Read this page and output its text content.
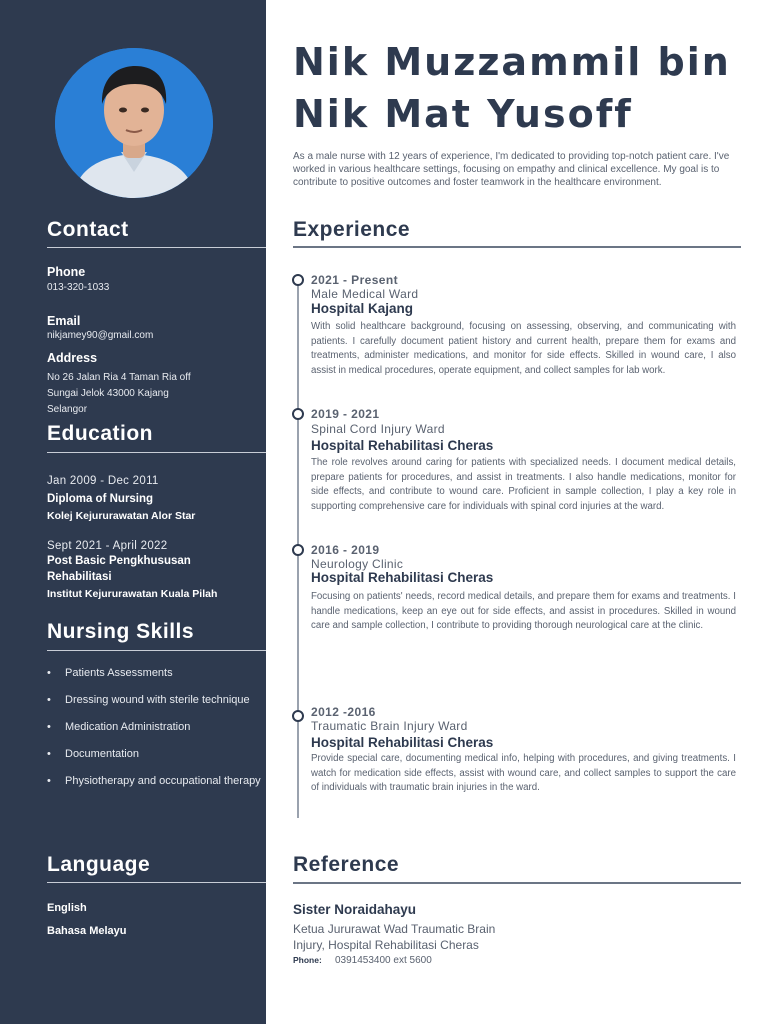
Contact
Phone
013-320-1033
Email
nikjamey90@gmail.com
Address
No 26 Jalan Ria 4 Taman Ria off
Sungai Jelok 43000 Kajang
Selangor
Education
Jan 2009 - Dec 2011
Diploma of Nursing
Kolej Kejururawatan Alor Star
Sept 2021 - April 2022
Post Basic Pengkhususan Rehabilitasi
Institut Kejururawatan Kuala Pilah
Nursing Skills
• Patients Assessments
• Dressing wound with sterile technique
• Medication Administration
• Documentation
• Physiotherapy and occupational therapy
Language
English
Bahasa Melayu
Nik Muzzammil bin
Nik Mat Yusoff
As a male nurse with 12 years of experience, I'm dedicated to providing top-notch patient care. I've worked in various healthcare settings, focusing on empathy and clinical excellence. My goal is to contribute to positive outcomes and foster teamwork in the healthcare environment.
Experience
2021 - Present
Male Medical Ward
Hospital Kajang
With solid healthcare background, focusing on assessing, observing, and communicating with patients. I carefully document patient history and current health, prepare them for exams and treatments, administer medications, and monitor for side effects. Skilled in wound care, I also assist in medical procedures, operate equipment, and collect samples for lab work.
2019 - 2021
Spinal Cord Injury Ward
Hospital Rehabilitasi Cheras
The role revolves around caring for patients with specialized needs. I document medical details, prepare patients for procedures, and assist in treatments. I also handle medications, monitor for side effects, and contribute to wound care. Proficient in sample collection, I play a key role in supporting comprehensive care for individuals with spinal cord injuries at the ward.
2016 - 2019
Neurology Clinic
Hospital Rehabilitasi Cheras
Focusing on patients' needs, record medical details, and prepare them for exams and treatments. I handle medications, keep an eye out for side effects, and assist in procedures. Skilled in wound care and sample collection, I contribute to providing thorough neurological care at the clinic.
2012 -2016
Traumatic Brain Injury Ward
Hospital Rehabilitasi Cheras
Provide special care, documenting medical info, helping with procedures, and giving treatments. I watch for medication side effects, assist with wound care, and collect samples to support the care of individuals with traumatic brain injuries in the ward.
Reference
Sister Noraidahayu
Ketua Jururawat Wad Traumatic Brain Injury, Hospital Rehabilitasi Cheras
Phone: 0391453400 ext 5600
